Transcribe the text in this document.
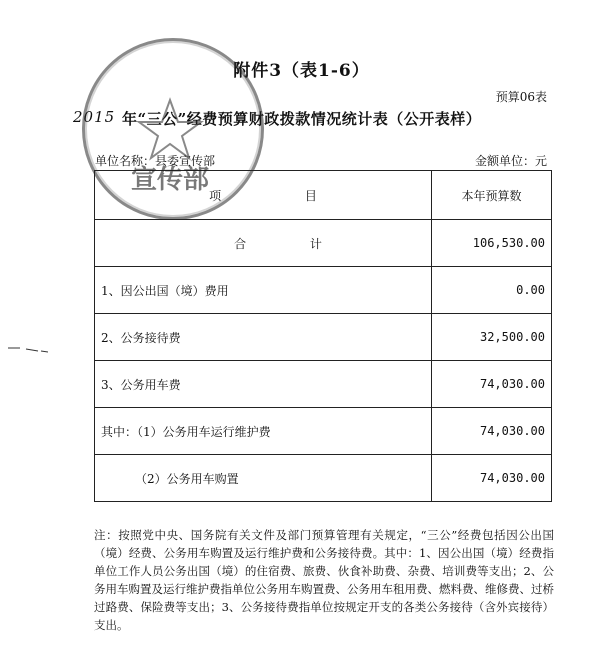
附件3（表1-6）
预算06表
2015 年“三公”经费预算财政拨款情况统计表（公开表样）
单位名称：县委宣传部	金额单位：元
项 目	本年预算数
合 计	106,530.00
1、因公出国（境）费用	0.00
2、公务接待费	32,500.00
3、公务用车费	74,030.00
其中：（1）公务用车运行维护费	74,030.00
（2）公务用车购置	74,030.00
注：按照党中央、国务院有关文件及部门预算管理有关规定，“三公”经费包括因公出国（境）经费、公务用车购置及运行维护费和公务接待费。其中：1、因公出国（境）经费指单位工作人员公务出国（境）的住宿费、旅费、伙食补助费、杂费、培训费等支出；2、公务用车购置及运行维护费指单位公务用车购置费、公务用车租用费、燃料费、维修费、过桥过路费、保险费等支出；3、公务接待费指单位按规定开支的各类公务接待（含外宾接待）支出。
宣传部
